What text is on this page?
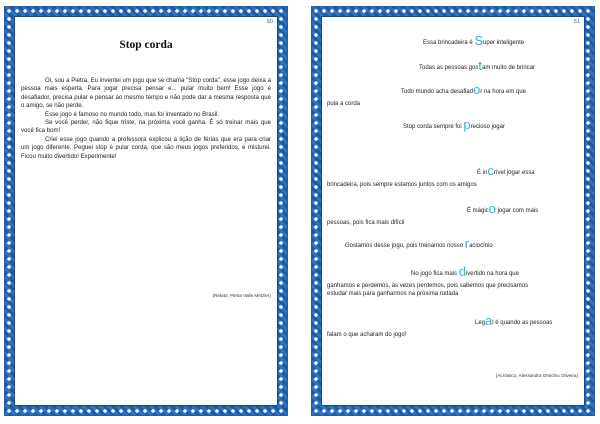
50
Stop corda

Oi, sou a Pietra. Eu inventei um jogo que se chama "Stop corda", esse jogo deixa a pessoa mais esperta. Para jogar precisa pensar e... pular muito bem! Esse jogo é desafiador, precisa pular e pensar ao mesmo tempo e não pode dar a mesma resposta que o amigo, se não perde.

Esse jogo é famoso no mundo todo, mas foi inventado no Brasil.

Se você perder, não fique triste, na próxima você ganha. É só treinar mais que você fica bom!

Criei esse jogo quando a professora explicou a lição de férias que era para criar um jogo diferente. Peguei stop e pular corda, que são meus jogos preferidos, e misturei. Ficou muito divertido! Experimente!

(Relato, Pietra Valle Metzler)
51
Essa brincadeira é Super inteligente
Todas as pessoas gostam muito de brincar
Todo mundo acha desafiador na hora em que
pula a corda
Stop corda sempre foi precioso jogar
É incrível jogar essa
brincadeira, pois sempre estamos juntos com os amigos
É mágico jogar com mais
pessoas, pois fica mais difícil
Gostamos desse jogo, pois treinamos nosso raciocínio
No jogo fica mais divertido na hora que
ganhamos e perdemos, às vezes perdemos, pois sabemos que precisamos
estudar mais para ganharmos na próxima rodada
Legal é quando as pessoas
falam o que acharam do jogo!
(Acróstico, Alessandra Orsichio Oliveira)
